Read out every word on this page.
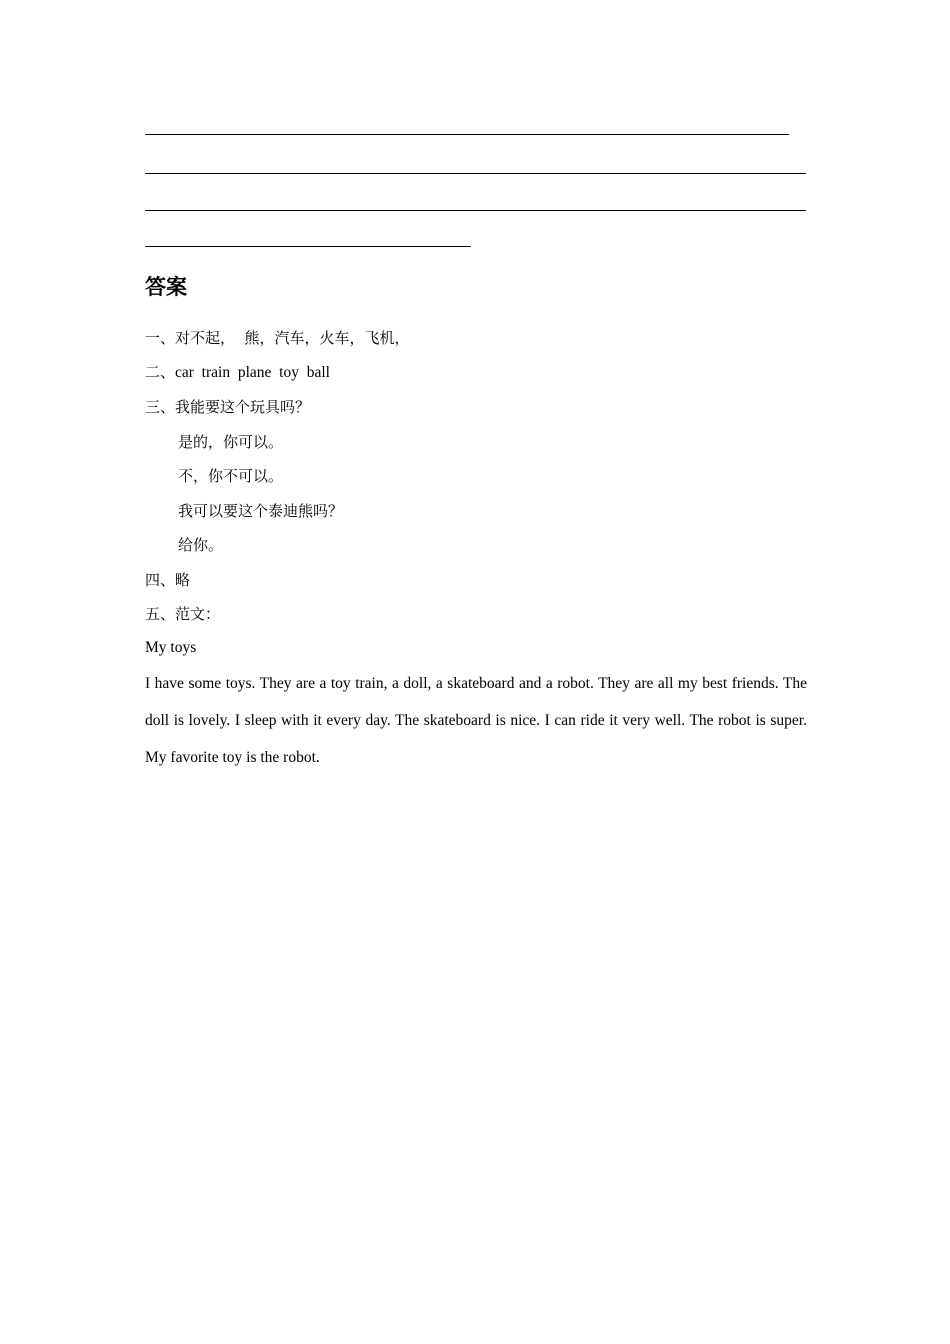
答案

一、对不起，  熊，汽车，火车，飞机，

二、car  train  plane  toy  ball

三、我能要这个玩具吗？

是的，你可以。

不，你不可以。

我可以要这个泰迪熊吗？

给你。

四、略

五、范文：

My toys

I have some toys. They are a toy train, a doll, a skateboard and a robot. They are all my best friends. The doll is lovely. I sleep with it every day. The skateboard is nice. I can ride it very well. The robot is super. My favorite toy is the robot.
